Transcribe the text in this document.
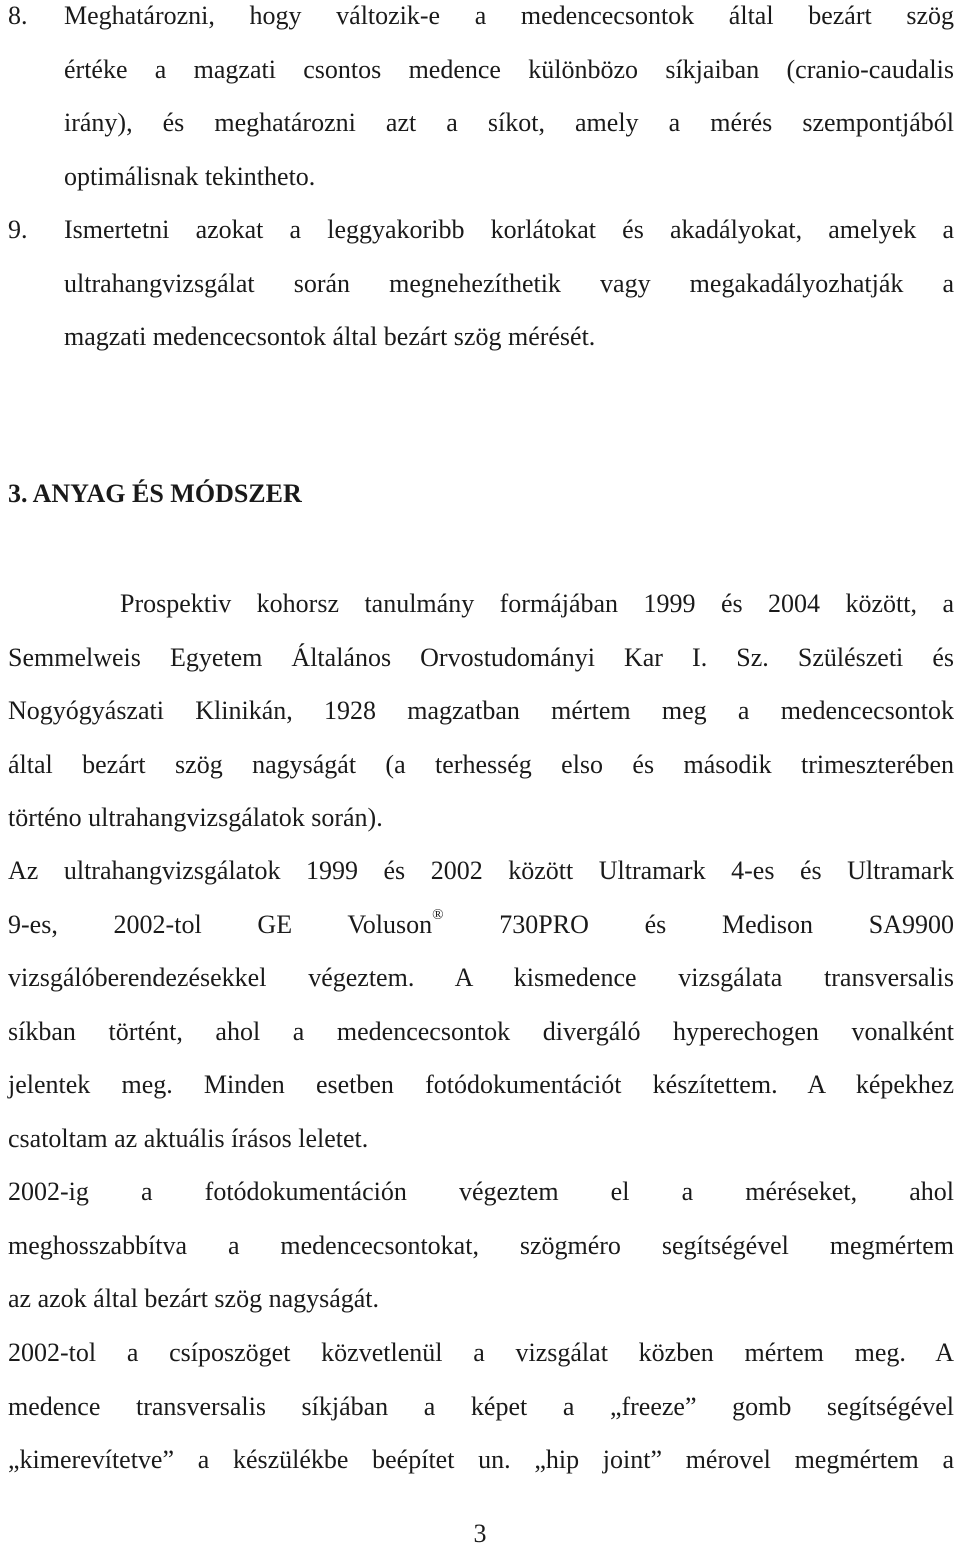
8. Meghatározni, hogy változik-e a medencecsontok által bezárt szög
értéke a magzati csontos medence különbözo síkjaiban (cranio-caudalis
irány), és meghatározni azt a síkot, amely a mérés szempontjából
optimálisnak tekintheto.
9. Ismertetni azokat a leggyakoribb korlátokat és akadályokat, amelyek a
ultrahangvizsgálat során megnehezíthetik vagy megakadályozhatják a
magzati medencecsontok által bezárt szög mérését.
3. ANYAG ÉS MÓDSZER
Prospektiv kohorsz tanulmány formájában 1999 és 2004 között, a
Semmelweis Egyetem Általános Orvostudományi Kar I. Sz. Szülészeti és
Nogyógyászati Klinikán, 1928 magzatban mértem meg a medencecsontok
által bezárt szög nagyságát (a terhesség elso és második trimeszterében
történo ultrahangvizsgálatok során).
Az ultrahangvizsgálatok 1999 és 2002 között Ultramark 4-es és Ultramark
9-es, 2002-tol GE Voluson® 730PRO és Medison SA9900
vizsgálóberendezésekkel végeztem. A kismedence vizsgálata transversalis
síkban történt, ahol a medencecsontok divergáló hyperechogen vonalként
jelentek meg. Minden esetben fotódokumentációt készítettem. A képekhez
csatoltam az aktuális írásos leletet.
2002-ig a fotódokumentáción végeztem el a méréseket, ahol
meghosszabbítva a medencecsontokat, szögméro segítségével megmértem
az azok által bezárt szög nagyságát.
2002-tol a csíposzöget közvetlenül a vizsgálat közben mértem meg. A
medence transversalis síkjában a képet a „freeze” gomb segítségével
„kimerevítetve” a készülékbe beépítet un. „hip joint” mérovel megmértem a
3
